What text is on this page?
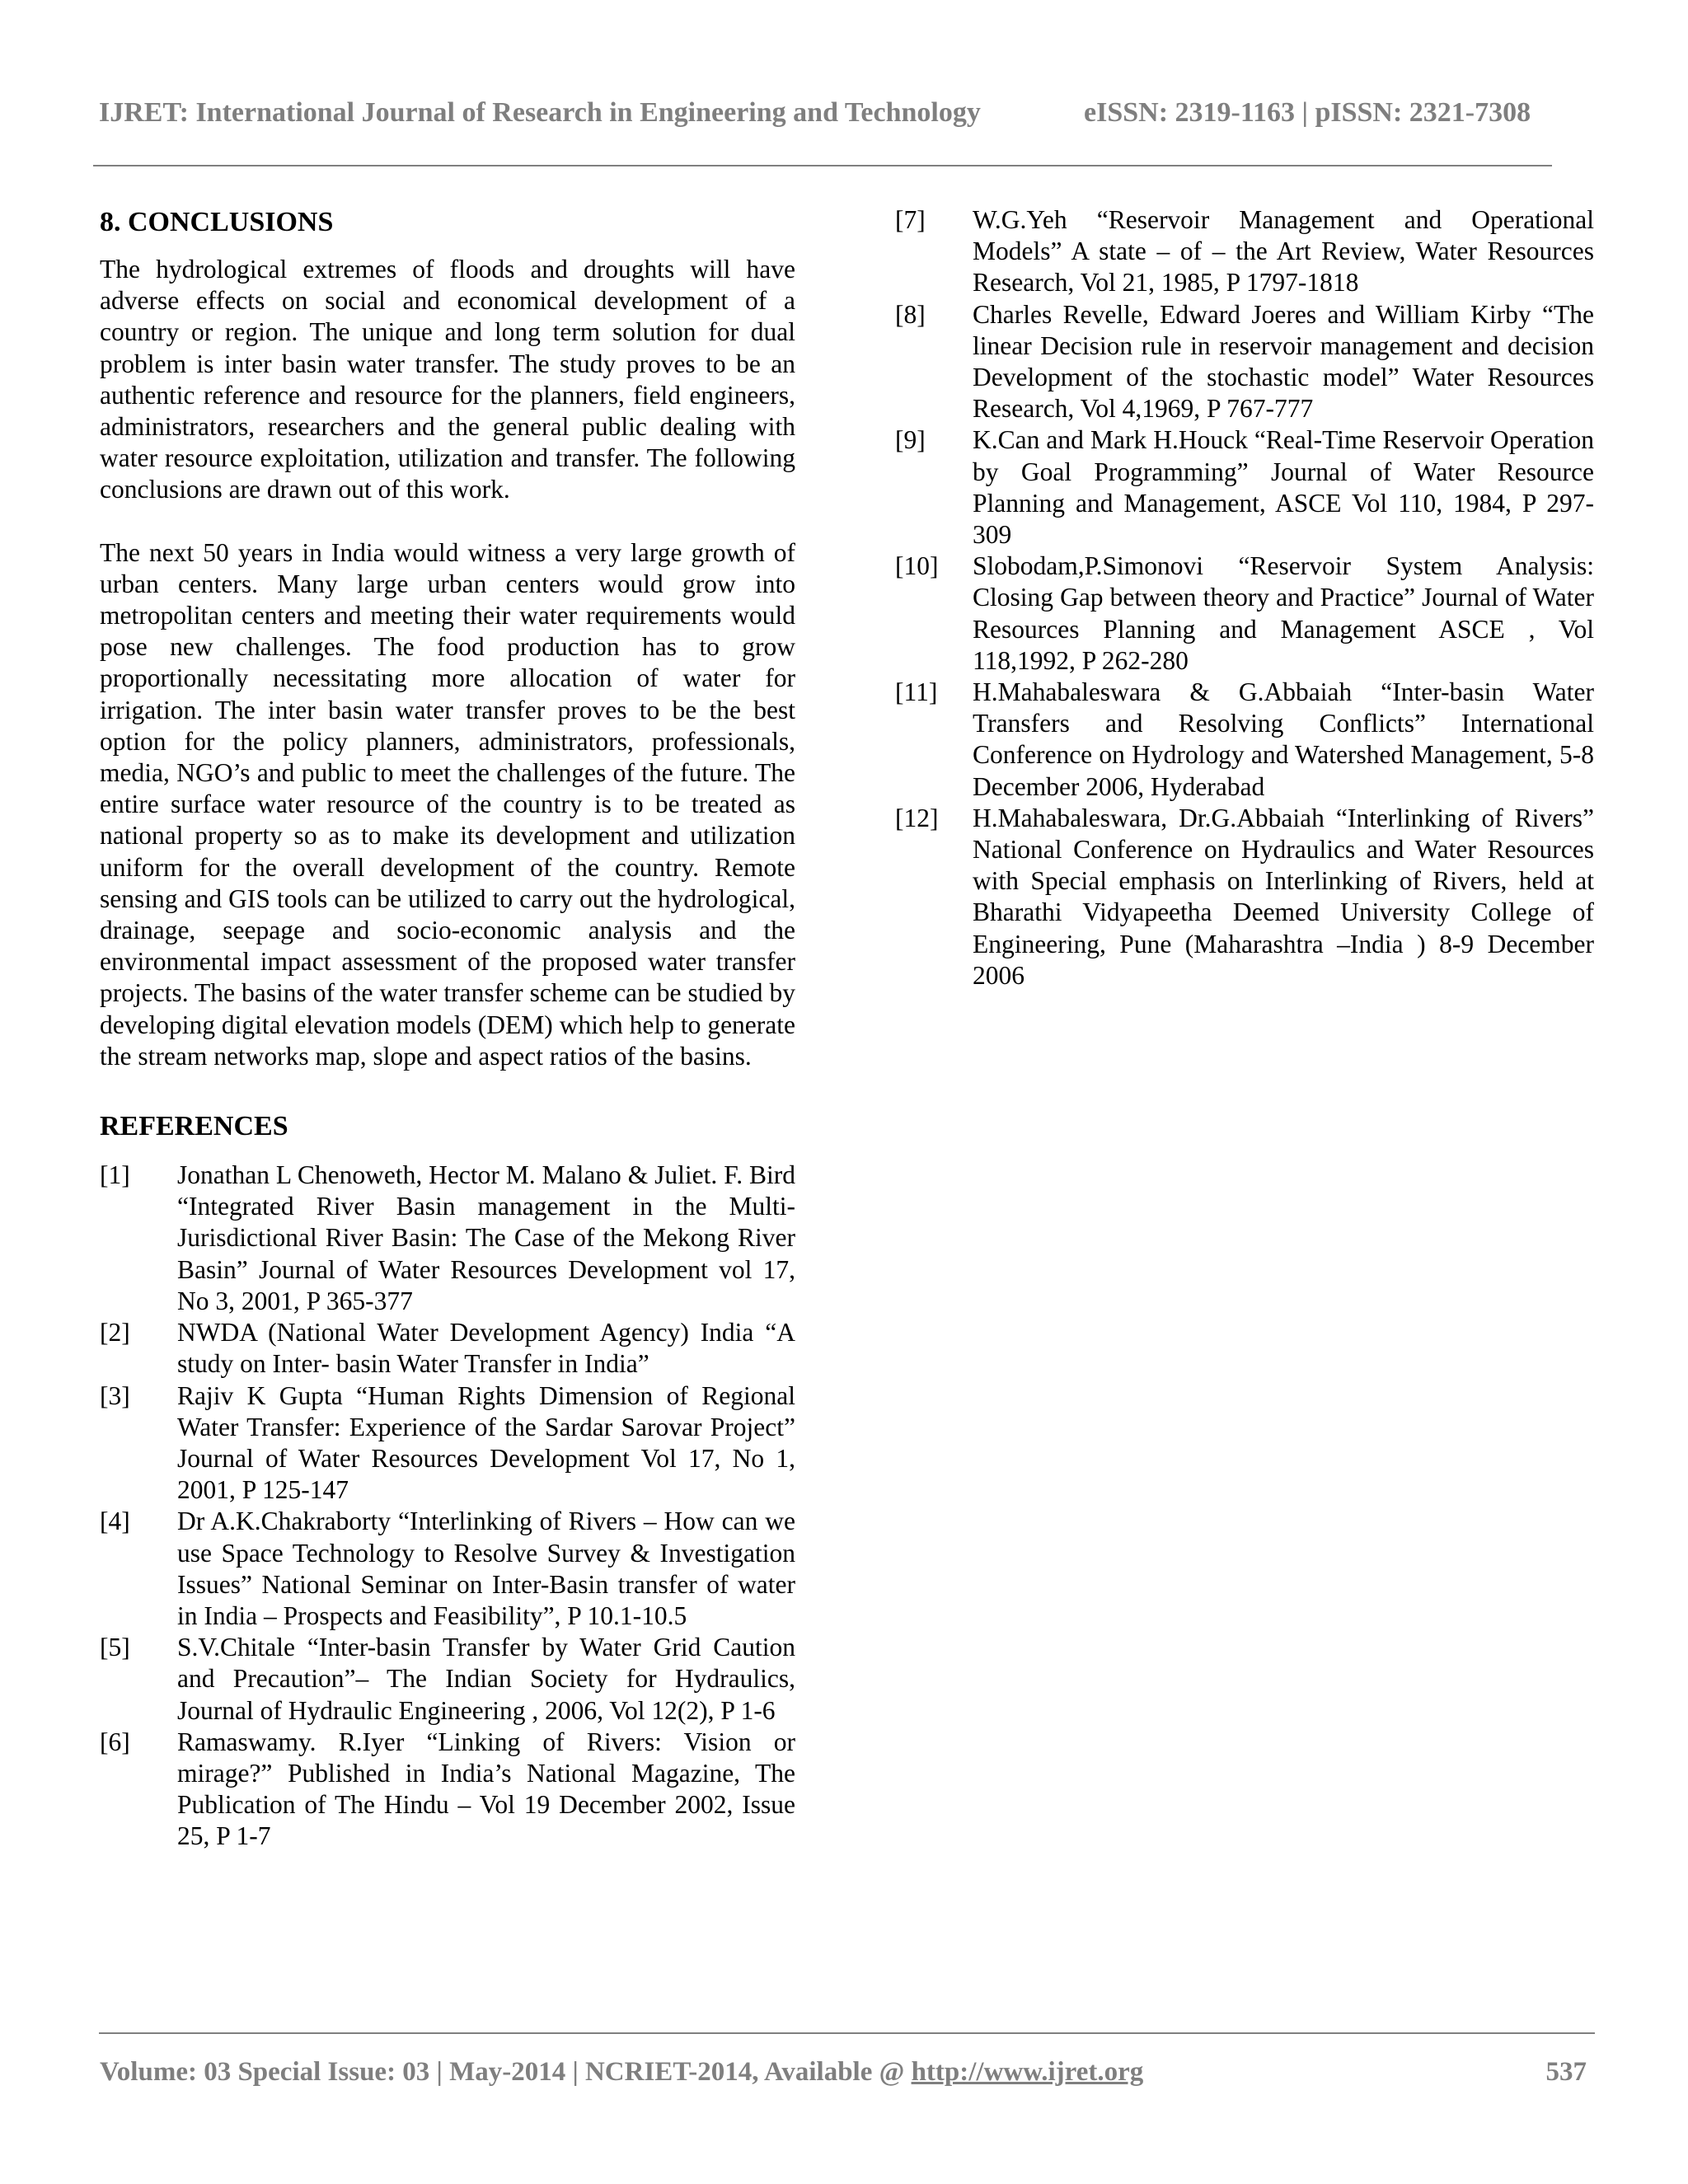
IJRET: International Journal of Research in Engineering and Technology	eISSN: 2319-1163 | pISSN: 2321-7308
8. CONCLUSIONS

The hydrological extremes of floods and droughts will have adverse effects on social and economical development of a country or region. The unique and long term solution for dual problem is inter basin water transfer. The study proves to be an authentic reference and resource for the planners, field engineers, administrators, researchers and the general public dealing with water resource exploitation, utilization and transfer. The following conclusions are drawn out of this work.

The next 50 years in India would witness a very large growth of urban centers. Many large urban centers would grow into metropolitan centers and meeting their water requirements would pose new challenges. The food production has to grow proportionally necessitating more allocation of water for irrigation. The inter basin water transfer proves to be the best option for the policy planners, administrators, professionals, media, NGO’s and public to meet the challenges of the future. The entire surface water resource of the country is to be treated as national property so as to make its development and utilization uniform for the overall development of the country. Remote sensing and GIS tools can be utilized to carry out the hydrological, drainage, seepage and socio-economic analysis and the environmental impact assessment of the proposed water transfer projects. The basins of the water transfer scheme can be studied by developing digital elevation models (DEM) which help to generate the stream networks map, slope and aspect ratios of the basins.

REFERENCES
[1]	Jonathan L Chenoweth, Hector M. Malano & Juliet. F. Bird “Integrated River Basin management in the Multi-Jurisdictional River Basin: The Case of the Mekong River Basin” Journal of Water Resources Development vol 17, No 3, 2001, P 365-377
[2]	NWDA (National Water Development Agency) India “A study on Inter- basin Water Transfer in India”
[3]	Rajiv K Gupta “Human Rights Dimension of Regional Water Transfer: Experience of the Sardar Sarovar Project” Journal of Water Resources Development Vol 17, No 1, 2001, P 125-147
[4]	Dr A.K.Chakraborty “Interlinking of Rivers – How can we use Space Technology to Resolve Survey & Investigation Issues” National Seminar on Inter-Basin transfer of water in India – Prospects and Feasibility”, P 10.1-10.5
[5]	S.V.Chitale “Inter-basin Transfer by Water Grid Caution and Precaution”– The Indian Society for Hydraulics, Journal of Hydraulic Engineering , 2006, Vol 12(2), P 1-6
[6]	Ramaswamy. R.Iyer “Linking of Rivers: Vision or mirage?” Published in India’s National Magazine, The Publication of The Hindu – Vol 19 December 2002, Issue 25, P 1-7
[7]	W.G.Yeh “Reservoir Management and Operational Models” A state – of – the Art Review, Water Resources Research, Vol 21, 1985, P 1797-1818
[8]	Charles Revelle, Edward Joeres and William Kirby “The linear Decision rule in reservoir management and decision Development of the stochastic model” Water Resources Research, Vol 4,1969, P 767-777
[9]	K.Can and Mark H.Houck “Real-Time Reservoir Operation by Goal Programming” Journal of Water Resource Planning and Management, ASCE Vol 110, 1984, P 297-309
[10]	Slobodam,P.Simonovi “Reservoir System Analysis: Closing Gap between theory and Practice” Journal of Water Resources Planning and Management ASCE , Vol 118,1992, P 262-280
[11]	H.Mahabaleswara & G.Abbaiah “Inter-basin Water Transfers and Resolving Conflicts” International Conference on Hydrology and Watershed Management, 5-8 December 2006, Hyderabad
[12]	H.Mahabaleswara, Dr.G.Abbaiah “Interlinking of Rivers” National Conference on Hydraulics and Water Resources with Special emphasis on Interlinking of Rivers, held at Bharathi Vidyapeetha Deemed University College of Engineering, Pune (Maharashtra –India ) 8-9 December 2006
Volume: 03 Special Issue: 03 | May-2014 | NCRIET-2014, Available @ http://www.ijret.org	537
